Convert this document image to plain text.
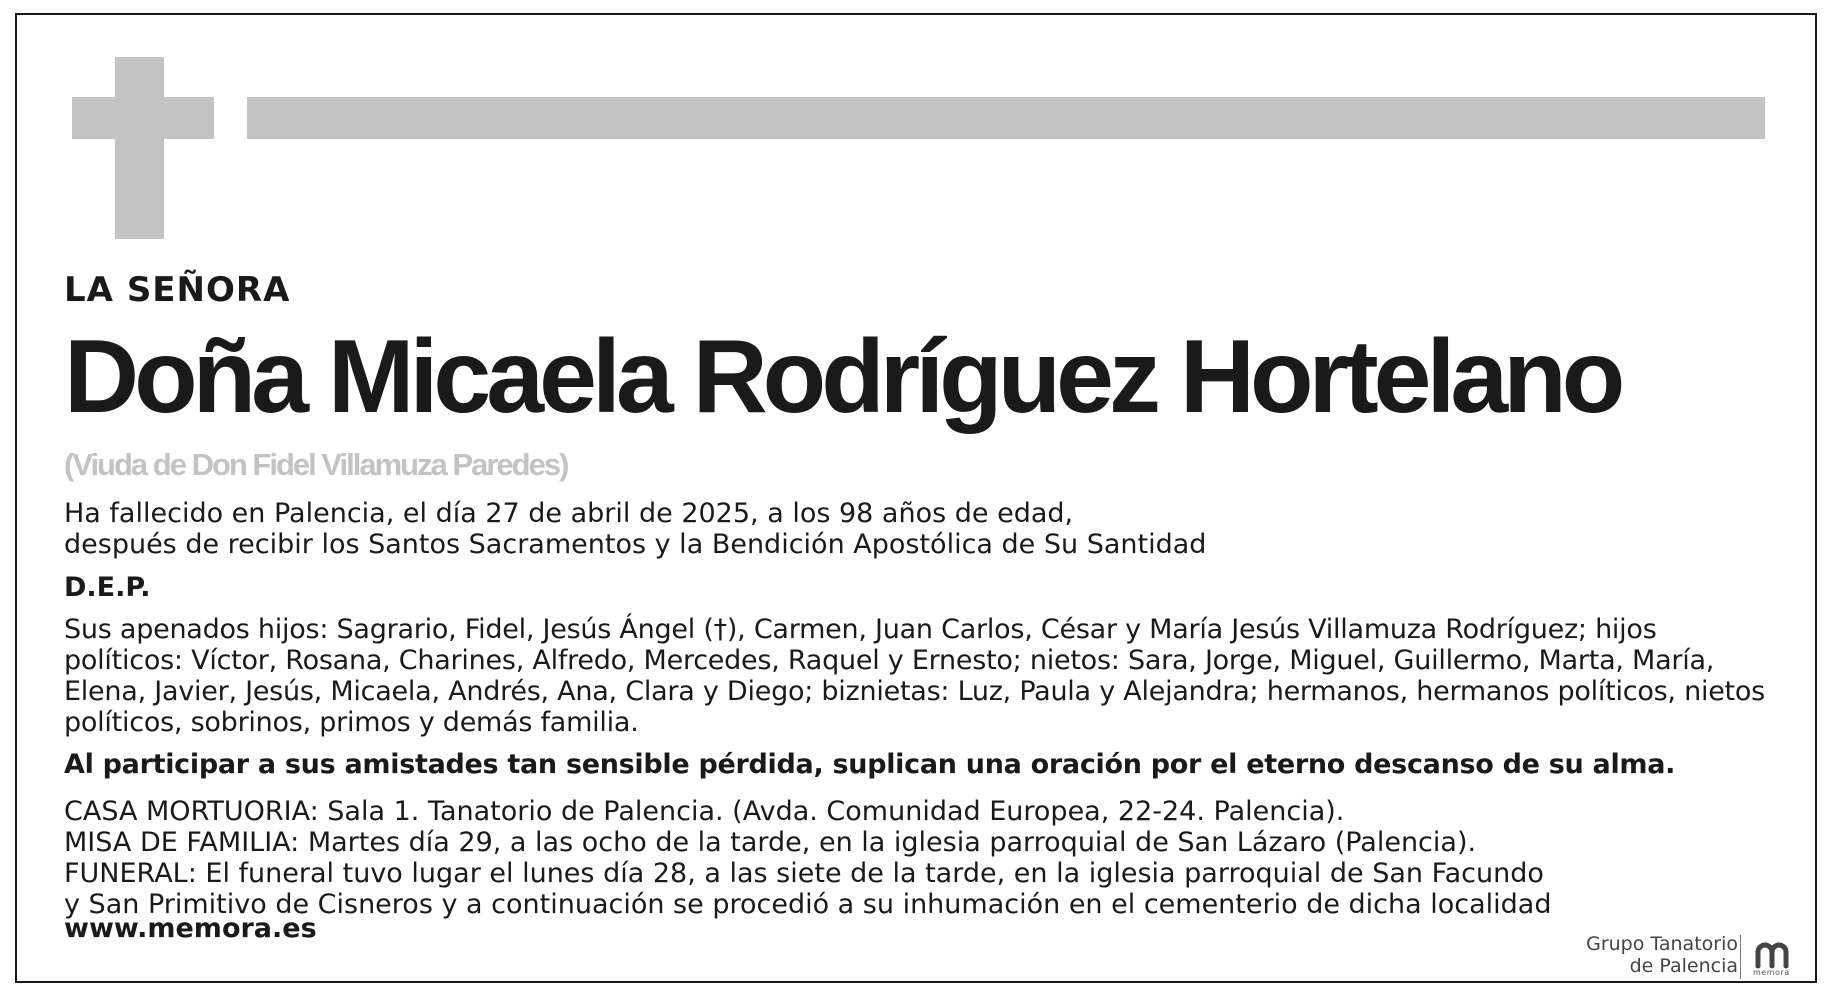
LA SEÑORA
Doña Micaela Rodríguez Hortelano
(Viuda de Don Fidel Villamuza Paredes)
Ha fallecido en Palencia, el día 27 de abril de 2025, a los 98 años de edad,
después de recibir los Santos Sacramentos y la Bendición Apostólica de Su Santidad
D.E.P.
Sus apenados hijos: Sagrario, Fidel, Jesús Ángel (†), Carmen, Juan Carlos, César y María Jesús Villamuza Rodríguez; hijos políticos: Víctor, Rosana, Charines, Alfredo, Mercedes, Raquel y Ernesto; nietos: Sara, Jorge, Miguel, Guillermo, Marta, María, Elena, Javier, Jesús, Micaela, Andrés, Ana, Clara y Diego; biznietas: Luz, Paula y Alejandra; hermanos, hermanos políticos, nietos políticos, sobrinos, primos y demás familia.
Al participar a sus amistades tan sensible pérdida, suplican una oración por el eterno descanso de su alma.
CASA MORTUORIA: Sala 1. Tanatorio de Palencia. (Avda. Comunidad Europea, 22-24. Palencia).
MISA DE FAMILIA: Martes día 29, a las ocho de la tarde, en la iglesia parroquial de San Lázaro (Palencia).
FUNERAL: El funeral tuvo lugar el lunes día 28, a las siete de la tarde, en la iglesia parroquial de San Facundo
y San Primitivo de Cisneros y a continuación se procedió a su inhumación en el cementerio de dicha localidad
www.memora.es	Grupo Tanatorio
de Palencia memora
